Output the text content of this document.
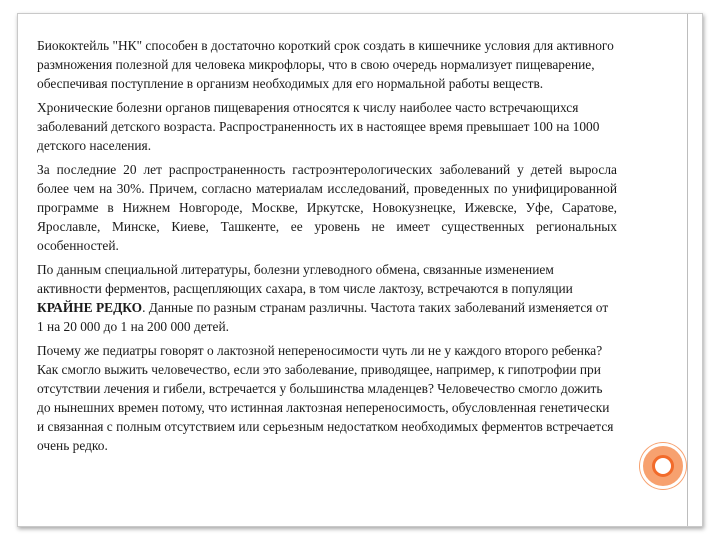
Биококтейль "НК" способен в достаточно короткий срок создать в кишечнике условия для активного размножения полезной для человека микрофлоры, что в свою очередь нормализует пищеварение, обеспечивая поступление в организм необходимых для его нормальной работы веществ.

Хронические болезни органов пищеварения относятся к числу наиболее часто встречающихся заболеваний детского возраста. Распространенность их в настоящее время превышает 100 на 1000 детского населения.

За последние 20 лет распространенность гастроэнтерологических заболеваний у детей выросла более чем на 30%. Причем, согласно материалам исследований, проведенных по унифицированной программе в Нижнем Новгороде, Москве, Иркутске, Новокузнецке, Ижевске, Уфе, Саратове, Ярославле, Минске, Киеве, Ташкенте, ее уровень не имеет существенных региональных особенностей.

По данным специальной литературы, болезни углеводного обмена, связанные изменением активности ферментов, расщепляющих сахара, в том числе лактозу, встречаются в популяции КРАЙНЕ РЕДКО. Данные по разным странам различны. Частота таких заболеваний изменяется от 1 на 20 000 до 1 на 200 000 детей.

Почему же педиатры говорят о лактозной непереносимости чуть ли не у каждого второго ребенка? Как смогло выжить человечество, если это заболевание, приводящее, например, к гипотрофии при отсутствии лечения и гибели, встречается у большинства младенцев? Человечество смогло дожить до нынешних времен потому, что истинная лактозная непереносимость, обусловленная генетически и связанная с полным отсутствием или серьезным недостатком необходимых ферментов встречается очень редко.
